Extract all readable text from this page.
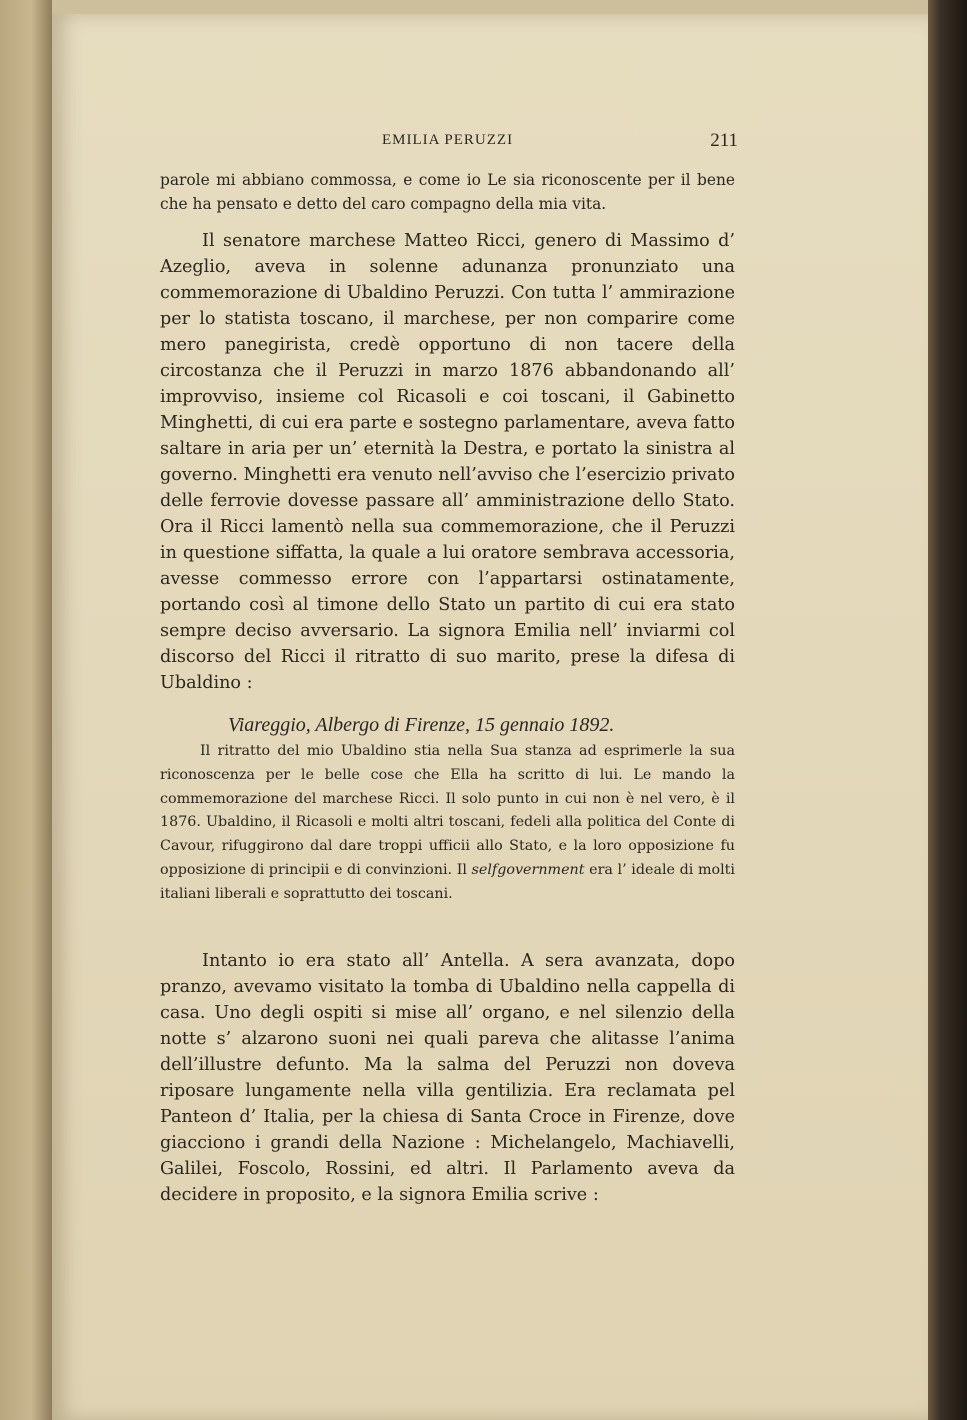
EMILIA PERUZZI	211

parole mi abbiano commossa, e come io Le sia riconoscente per il bene che ha pensato e detto del caro compagno della mia vita.

Il senatore marchese Matteo Ricci, genero di Massimo d’ Azeglio, aveva in solenne adunanza pronunziato una commemorazione di Ubaldino Peruzzi. Con tutta l’ ammirazione per lo statista toscano, il marchese, per non comparire come mero panegirista, credè opportuno di non tacere della circostanza che il Peruzzi in marzo 1876 abbandonando all’ improvviso, insieme col Ricasoli e coi toscani, il Gabinetto Minghetti, di cui era parte e sostegno parlamentare, aveva fatto saltare in aria per un’ eternità la Destra, e portato la sinistra al governo. Minghetti era venuto nell’avviso che l’esercizio privato delle ferrovie dovesse passare all’ amministrazione dello Stato. Ora il Ricci lamentò nella sua commemorazione, che il Peruzzi in questione siffatta, la quale a lui oratore sembrava accessoria, avesse commesso errore con l’appartarsi ostinatamente, portando così al timone dello Stato un partito di cui era stato sempre deciso avversario. La signora Emilia nell’ inviarmi col discorso del Ricci il ritratto di suo marito, prese la difesa di Ubaldino :

Viareggio, Albergo di Firenze, 15 gennaio 1892.

Il ritratto del mio Ubaldino stia nella Sua stanza ad esprimerle la sua riconoscenza per le belle cose che Ella ha scritto di lui. Le mando la commemorazione del marchese Ricci. Il solo punto in cui non è nel vero, è il 1876. Ubaldino, il Ricasoli e molti altri toscani, fedeli alla politica del Conte di Cavour, rifuggirono dal dare troppi ufficii allo Stato, e la loro opposizione fu opposizione di principii e di convinzioni. Il selfgovernment era l’ ideale di molti italiani liberali e soprattutto dei toscani.

Intanto io era stato all’ Antella. A sera avanzata, dopo pranzo, avevamo visitato la tomba di Ubaldino nella cappella di casa. Uno degli ospiti si mise all’ organo, e nel silenzio della notte s’ alzarono suoni nei quali pareva che alitasse l’anima dell’illustre defunto. Ma la salma del Peruzzi non doveva riposare lungamente nella villa gentilizia. Era reclamata pel Panteon d’ Italia, per la chiesa di Santa Croce in Firenze, dove giacciono i grandi della Nazione : Michelangelo, Machiavelli, Galilei, Foscolo, Rossini, ed altri. Il Parlamento aveva da decidere in proposito, e la signora Emilia scrive :
